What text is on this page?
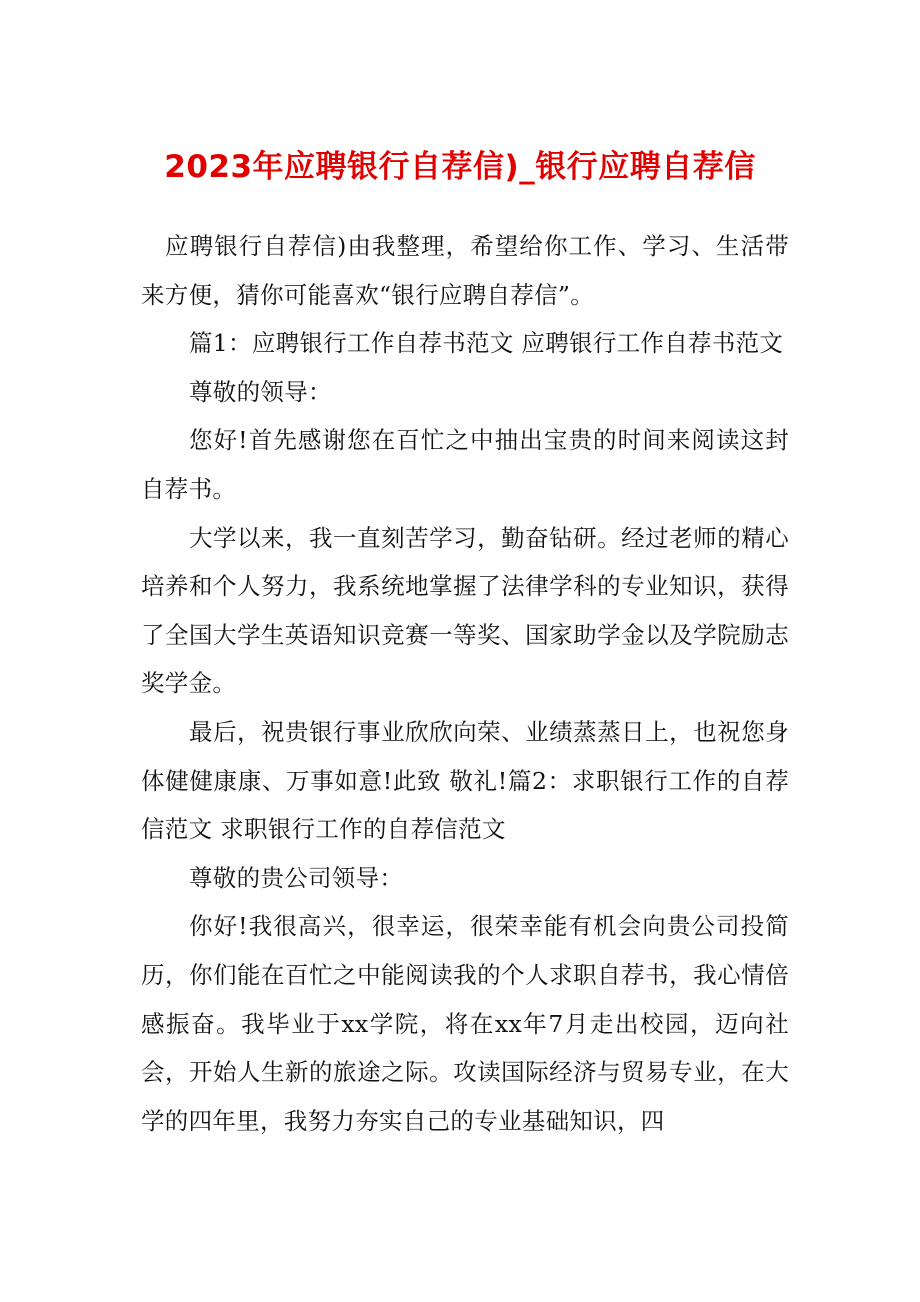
2023年应聘银行自荐信)_银行应聘自荐信

应聘银行自荐信)由我整理，希望给你工作、学习、生活带来方便，猜你可能喜欢“银行应聘自荐信”。

篇1：应聘银行工作自荐书范文 应聘银行工作自荐书范文

尊敬的领导：

您好!首先感谢您在百忙之中抽出宝贵的时间来阅读这封自荐书。

大学以来，我一直刻苦学习，勤奋钻研。经过老师的精心培养和个人努力，我系统地掌握了法律学科的专业知识，获得了全国大学生英语知识竞赛一等奖、国家助学金以及学院励志奖学金。

最后，祝贵银行事业欣欣向荣、业绩蒸蒸日上，也祝您身体健健康康、万事如意!此致 敬礼!篇2：求职银行工作的自荐信范文 求职银行工作的自荐信范文

尊敬的贵公司领导：

你好!我很高兴，很幸运，很荣幸能有机会向贵公司投简历，你们能在百忙之中能阅读我的个人求职自荐书，我心情倍感振奋。我毕业于xx学院，将在xx年7月走出校园，迈向社会，开始人生新的旅途之际。攻读国际经济与贸易专业，在大学的四年里，我努力夯实自己的专业基础知识，四
